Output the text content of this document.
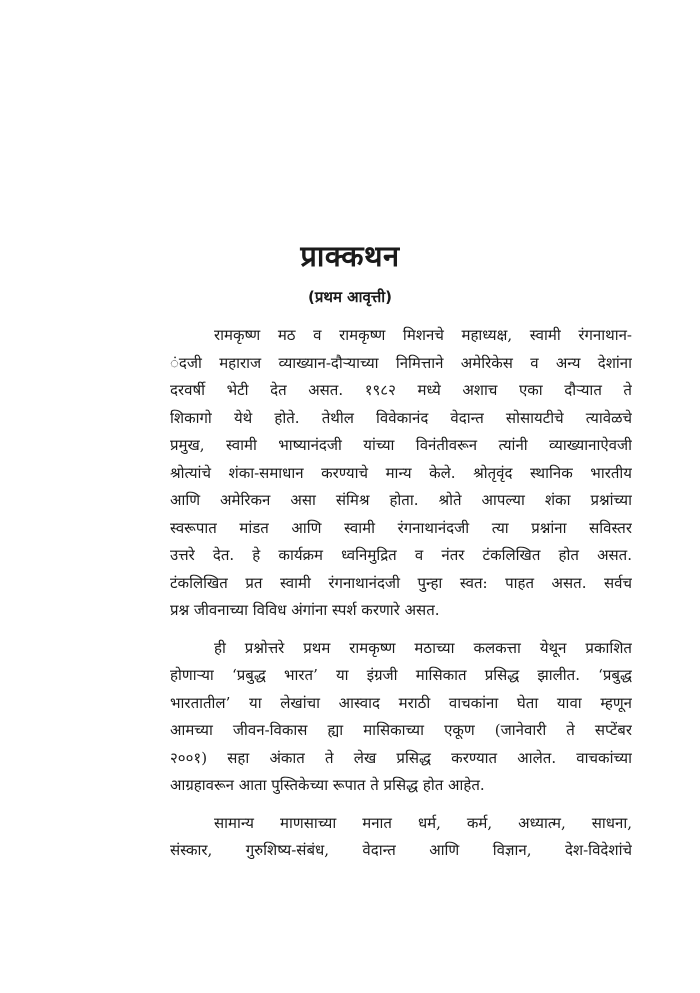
प्राक्कथन
(प्रथम आवृत्ती)
रामकृष्ण मठ व रामकृष्ण मिशनचे महाध्यक्ष, स्वामी रंगनाथान-
ंदजी महाराज व्याख्यान-दौऱ्याच्या निमित्ताने अमेरिकेस व अन्य देशांना
दरवर्षी भेटी देत असत. १९८२ मध्ये अशाच एका दौऱ्यात ते
शिकागो येथे होते. तेथील विवेकानंद वेदान्त सोसायटीचे त्यावेळचे
प्रमुख, स्वामी भाष्यानंदजी यांच्या विनंतीवरून त्यांनी व्याख्यानाऐवजी
श्रोत्यांचे शंका-समाधान करण्याचे मान्य केले. श्रोतृवृंद स्थानिक भारतीय
आणि अमेरिकन असा संमिश्र होता. श्रोते आपल्या शंका प्रश्नांच्या
स्वरूपात मांडत आणि स्वामी रंगनाथानंदजी त्या प्रश्नांना सविस्तर
उत्तरे देत. हे कार्यक्रम ध्वनिमुद्रित व नंतर टंकलिखित होत असत.
टंकलिखित प्रत स्वामी रंगनाथानंदजी पुन्हा स्वत: पाहत असत. सर्वच
प्रश्न जीवनाच्या विविध अंगांना स्पर्श करणारे असत.
ही प्रश्नोत्तरे प्रथम रामकृष्ण मठाच्या कलकत्ता येथून प्रकाशित
होणाऱ्या ‘प्रबुद्ध भारत’ या इंग्रजी मासिकात प्रसिद्ध झालीत. ‘प्रबुद्ध
भारतातील’ या लेखांचा आस्वाद मराठी वाचकांना घेता यावा म्हणून
आमच्या जीवन-विकास ह्या मासिकाच्या एकूण (जानेवारी ते सप्टेंबर
२००१) सहा अंकात ते लेख प्रसिद्ध करण्यात आलेत. वाचकांच्या
आग्रहावरून आता पुस्तिकेच्या रूपात ते प्रसिद्ध होत आहेत.
सामान्य माणसाच्या मनात धर्म, कर्म, अध्यात्म, साधना,
संस्कार, गुरुशिष्य-संबंध, वेदान्त आणि विज्ञान, देश-विदेशांचे
